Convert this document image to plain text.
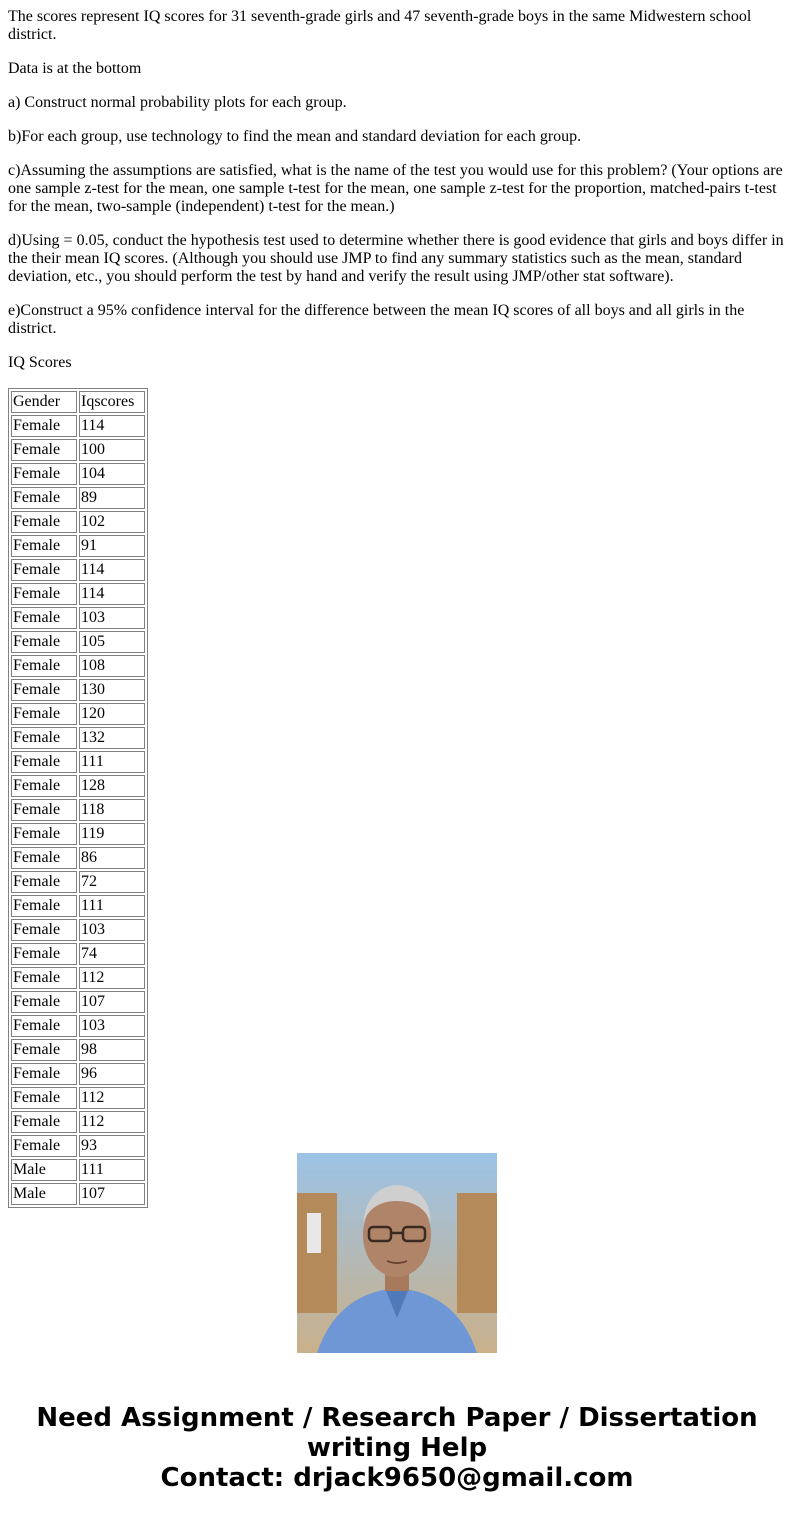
The scores represent IQ scores for 31 seventh-grade girls and 47 seventh-grade boys in the same Midwestern school district.

Data is at the bottom

a) Construct normal probability plots for each group.

b)For each group, use technology to find the mean and standard deviation for each group.

c)Assuming the assumptions are satisfied, what is the name of the test you would use for this problem? (Your options are one sample z-test for the mean, one sample t-test for the mean, one sample z-test for the proportion, matched-pairs t-test for the mean, two-sample (independent) t-test for the mean.)

d)Using = 0.05, conduct the hypothesis test used to determine whether there is good evidence that girls and boys differ in the their mean IQ scores. (Although you should use JMP to find any summary statistics such as the mean, standard deviation, etc., you should perform the test by hand and verify the result using JMP/other stat software).

e)Construct a 95% confidence interval for the difference between the mean IQ scores of all boys and all girls in the district.

IQ Scores

Gender	Iqscores
Female	114
Female	100
Female	104
Female	89
Female	102
Female	91
Female	114
Female	114
Female	103
Female	105
Female	108
Female	130
Female	120
Female	132
Female	111
Female	128
Female	118
Female	119
Female	86
Female	72
Female	111
Female	103
Female	74
Female	112
Female	107
Female	103
Female	98
Female	96
Female	112
Female	112
Female	93
Male	111
Male	107
Need Assignment / Research Paper / Dissertation
writing Help
Contact: drjack9650@gmail.com
